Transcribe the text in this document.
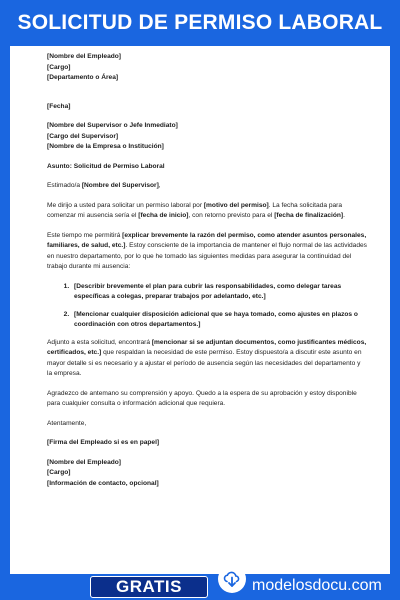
SOLICITUD DE PERMISO LABORAL

[Nombre del Empleado]

[Cargo]

[Departamento o Área]

[Fecha]

[Nombre del Supervisor o Jefe Inmediato]

[Cargo del Supervisor]

[Nombre de la Empresa o Institución]

Asunto: Solicitud de Permiso Laboral

Estimado/a [Nombre del Supervisor],

Me dirijo a usted para solicitar un permiso laboral por [motivo del permiso]. La fecha solicitada para comenzar mi ausencia sería el [fecha de inicio], con retorno previsto para el [fecha de finalización].

Este tiempo me permitirá [explicar brevemente la razón del permiso, como atender asuntos personales, familiares, de salud, etc.]. Estoy consciente de la importancia de mantener el flujo normal de las actividades en nuestro departamento, por lo que he tomado las siguientes medidas para asegurar la continuidad del trabajo durante mi ausencia:

1. [Describir brevemente el plan para cubrir las responsabilidades, como delegar tareas específicas a colegas, preparar trabajos por adelantado, etc.]
2. [Mencionar cualquier disposición adicional que se haya tomado, como ajustes en plazos o coordinación con otros departamentos.]

Adjunto a esta solicitud, encontrará [mencionar si se adjuntan documentos, como justificantes médicos, certificados, etc.] que respaldan la necesidad de este permiso. Estoy dispuesto/a a discutir este asunto en mayor detalle si es necesario y a ajustar el período de ausencia según las necesidades del departamento y la empresa.

Agradezco de antemano su comprensión y apoyo. Quedo a la espera de su aprobación y estoy disponible para cualquier consulta o información adicional que requiera.

Atentamente,

[Firma del Empleado si es en papel]

[Nombre del Empleado]

[Cargo]

[Información de contacto, opcional]

GRATIS	modelosdocu.com
